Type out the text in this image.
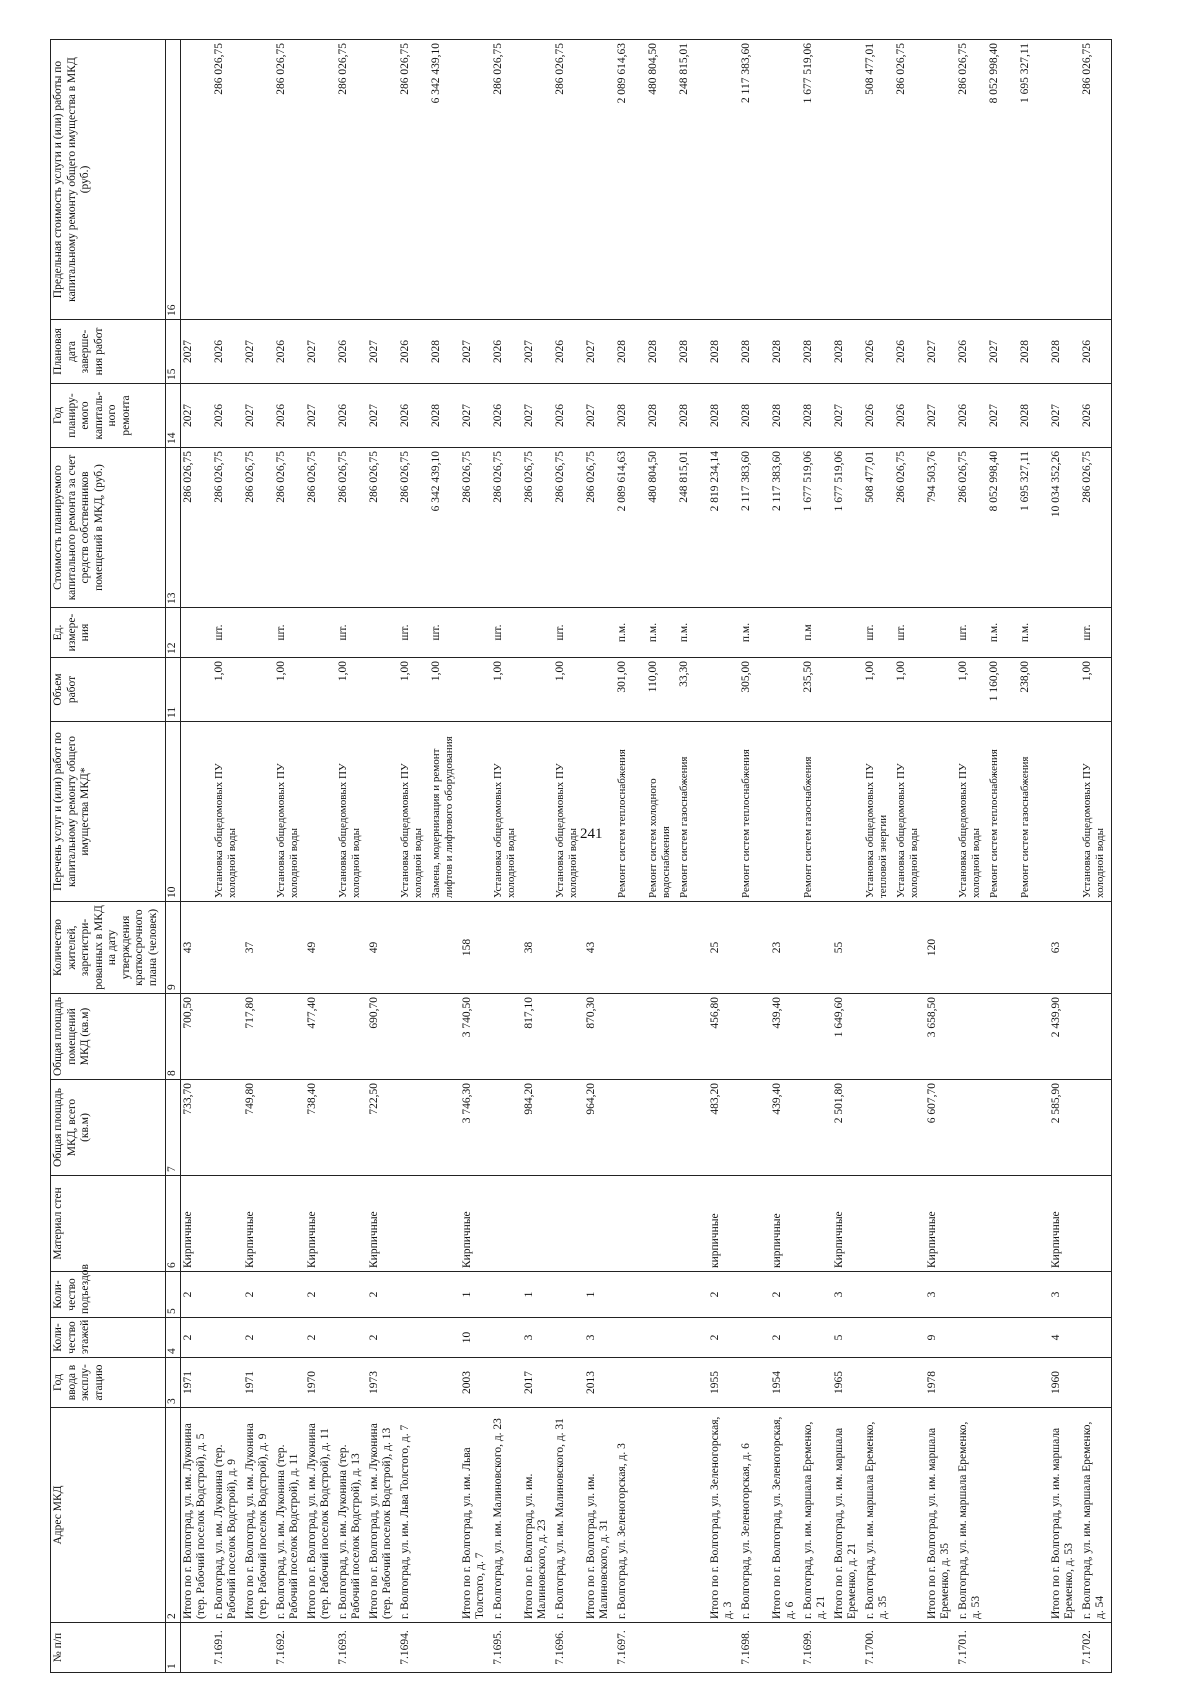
241
№ п/п	Адрес МКД	Год ввода в эксплу-атацию	Коли-чество этажей	Коли-чество подъездов	Материал стен	Общая площадь МКД, всего (кв.м)	Общая площадь помещений МКД (кв.м)	Количество жителей, зарегистри-рованных в МКД на дату утверждения краткосрочного плана (человек)	Перечень услуг и (или) работ по капитальному ремонту общего имущества МКД*	Объем работ	Ед. измере-ния	Стоимость планируемого капитального ремонта за счет средств собственников помещений в МКД, (руб.)	Год планиру-емого капиталь-ного ремонта	Плановая дата заверше-ния работ	Предельная стоимость услуги и (или) работы по капитальному ремонту общего имущества в МКД (руб.)
1	2	3	4	5	6	7	8	9	10	11	12	13	14	15	16
	Итого по г. Волгоград, ул. им. Луконина (тер. Рабочий поселок Водстрой), д. 5	1971	2	2	Кирпичные	733,70	700,50	43				286 026,75	2027	2027	
7.1691.	г. Волгоград, ул. им. Луконина (тер. Рабочий поселок Водстрой), д. 9								Установка общедомовых ПУ холодной воды	1,00	шт.	286 026,75	2026	2026	286 026,75
	Итого по г. Волгоград, ул. им. Луконина (тер. Рабочий поселок Водстрой), д. 9	1971	2	2	Кирпичные	749,80	717,80	37				286 026,75	2027	2027	
7.1692.	г. Волгоград, ул. им. Луконина (тер. Рабочий поселок Водстрой), д. 11								Установка общедомовых ПУ холодной воды	1,00	шт.	286 026,75	2026	2026	286 026,75
	Итого по г. Волгоград, ул. им. Луконина (тер. Рабочий поселок Водстрой), д. 11	1970	2	2	Кирпичные	738,40	477,40	49				286 026,75	2027	2027	
7.1693.	г. Волгоград, ул. им. Луконина (тер. Рабочий поселок Водстрой), д. 13								Установка общедомовых ПУ холодной воды	1,00	шт.	286 026,75	2026	2026	286 026,75
	Итого по г. Волгоград, ул. им. Луконина (тер. Рабочий поселок Водстрой), д. 13	1973	2	2	Кирпичные	722,50	690,70	49				286 026,75	2027	2027	
7.1694.	г. Волгоград, ул. им. Льва Толстого, д. 7								Установка общедомовых ПУ холодной воды	1,00	шт.	286 026,75	2026	2026	286 026,75
									Замена, модернизация и ремонт лифтов и лифтового оборудования	1,00	шт.	6 342 439,10	2028	2028	6 342 439,10
	Итого по г. Волгоград, ул. им. Льва Толстого, д. 7	2003	10	1	Кирпичные	3 746,30	3 740,50	158				286 026,75	2027	2027	
7.1695.	г. Волгоград, ул. им. Малиновского, д. 23								Установка общедомовых ПУ холодной воды	1,00	шт.	286 026,75	2026	2026	286 026,75
	Итого по г. Волгоград, ул. им. Малиновского, д. 23	2017	3	1		984,20	817,10	38				286 026,75	2027	2027	
7.1696.	г. Волгоград, ул. им. Малиновского, д. 31								Установка общедомовых ПУ холодной воды	1,00	шт.	286 026,75	2026	2026	286 026,75
	Итого по г. Волгоград, ул. им. Малиновского, д. 31	2013	3	1		964,20	870,30	43				286 026,75	2027	2027	
7.1697.	г. Волгоград, ул. Зеленогорская, д. 3								Ремонт систем теплоснабжения	301,00	п.м.	2 089 614,63	2028	2028	2 089 614,63
									Ремонт систем холодного водоснабжения	110,00	п.м.	480 804,50	2028	2028	480 804,50
									Ремонт систем газоснабжения	33,30	п.м.	248 815,01	2028	2028	248 815,01
	Итого по г. Волгоград, ул. Зеленогорская, д. 3	1955	2	2	кирпичные	483,20	456,80	25				2 819 234,14	2028	2028	
7.1698.	г. Волгоград, ул. Зеленогорская, д. 6								Ремонт систем теплоснабжения	305,00	п.м.	2 117 383,60	2028	2028	2 117 383,60
	Итого по г. Волгоград, ул. Зеленогорская, д. 6	1954	2	2	кирпичные	439,40	439,40	23				2 117 383,60	2028	2028	
7.1699.	г. Волгоград, ул. им. маршала Еременко, д. 21								Ремонт систем газоснабжения	235,50	п.м	1 677 519,06	2028	2028	1 677 519,06
	Итого по г. Волгоград, ул. им. маршала Еременко, д. 21	1965	5	3	Кирпичные	2 501,80	1 649,60	55				1 677 519,06	2027	2028	
7.1700.	г. Волгоград, ул. им. маршала Еременко, д. 35								Установка общедомовых ПУ тепловой энергии	1,00	шт.	508 477,01	2026	2026	508 477,01
									Установка общедомовых ПУ холодной воды	1,00	шт.	286 026,75	2026	2026	286 026,75
	Итого по г. Волгоград, ул. им. маршала Еременко, д. 35	1978	9	3	Кирпичные	6 607,70	3 658,50	120				794 503,76	2027	2027	
7.1701.	г. Волгоград, ул. им. маршала Еременко, д. 53								Установка общедомовых ПУ холодной воды	1,00	шт.	286 026,75	2026	2026	286 026,75
									Ремонт систем теплоснабжения	1 160,00	п.м.	8 052 998,40	2027	2027	8 052 998,40
									Ремонт систем газоснабжения	238,00	п.м.	1 695 327,11	2028	2028	1 695 327,11
	Итого по г. Волгоград, ул. им. маршала Еременко, д. 53	1960	4	3	Кирпичные	2 585,90	2 439,90	63				10 034 352,26	2027	2028	
7.1702.	г. Волгоград, ул. им. маршала Еременко, д. 54								Установка общедомовых ПУ холодной воды	1,00	шт.	286 026,75	2026	2026	286 026,75
